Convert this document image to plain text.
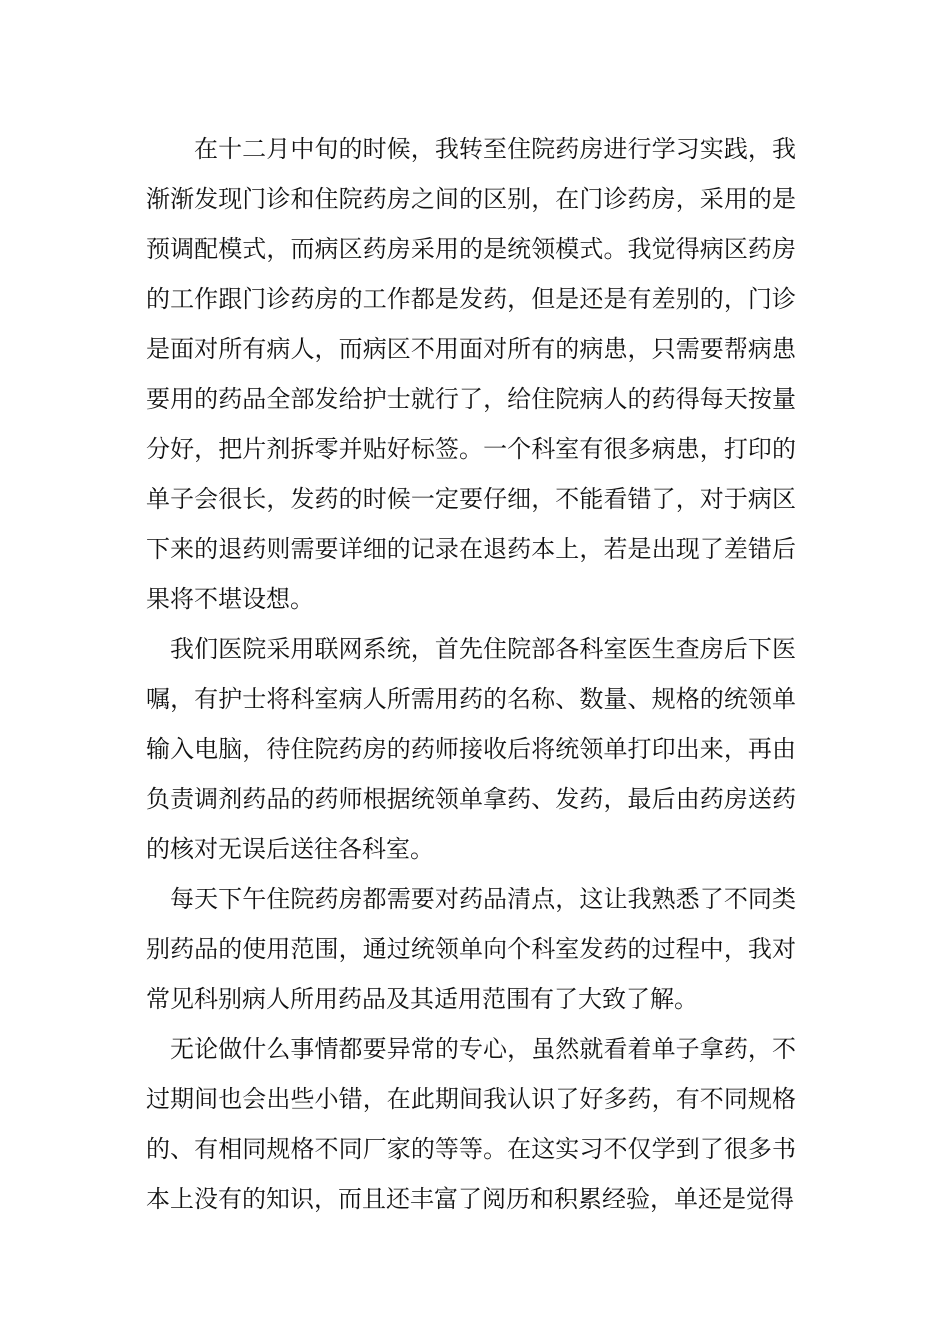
在十二月中旬的时候，我转至住院药房进行学习实践，我渐渐发现门诊和住院药房之间的区别，在门诊药房，采用的是预调配模式，而病区药房采用的是统领模式。我觉得病区药房的工作跟门诊药房的工作都是发药，但是还是有差别的，门诊是面对所有病人，而病区不用面对所有的病患，只需要帮病患要用的药品全部发给护士就行了，给住院病人的药得每天按量分好，把片剂拆零并贴好标签。一个科室有很多病患，打印的单子会很长，发药的时候一定要仔细，不能看错了，对于病区下来的退药则需要详细的记录在退药本上，若是出现了差错后果将不堪设想。

我们医院采用联网系统，首先住院部各科室医生查房后下医嘱，有护士将科室病人所需用药的名称、数量、规格的统领单输入电脑，待住院药房的药师接收后将统领单打印出来，再由负责调剂药品的药师根据统领单拿药、发药，最后由药房送药的核对无误后送往各科室。

每天下午住院药房都需要对药品清点，这让我熟悉了不同类别药品的使用范围，通过统领单向个科室发药的过程中，我对常见科别病人所用药品及其适用范围有了大致了解。

无论做什么事情都要异常的专心，虽然就看着单子拿药，不过期间也会出些小错，在此期间我认识了好多药，有不同规格的、有相同规格不同厂家的等等。在这实习不仅学到了很多书本上没有的知识，而且还丰富了阅历和积累经验，单还是觉得
